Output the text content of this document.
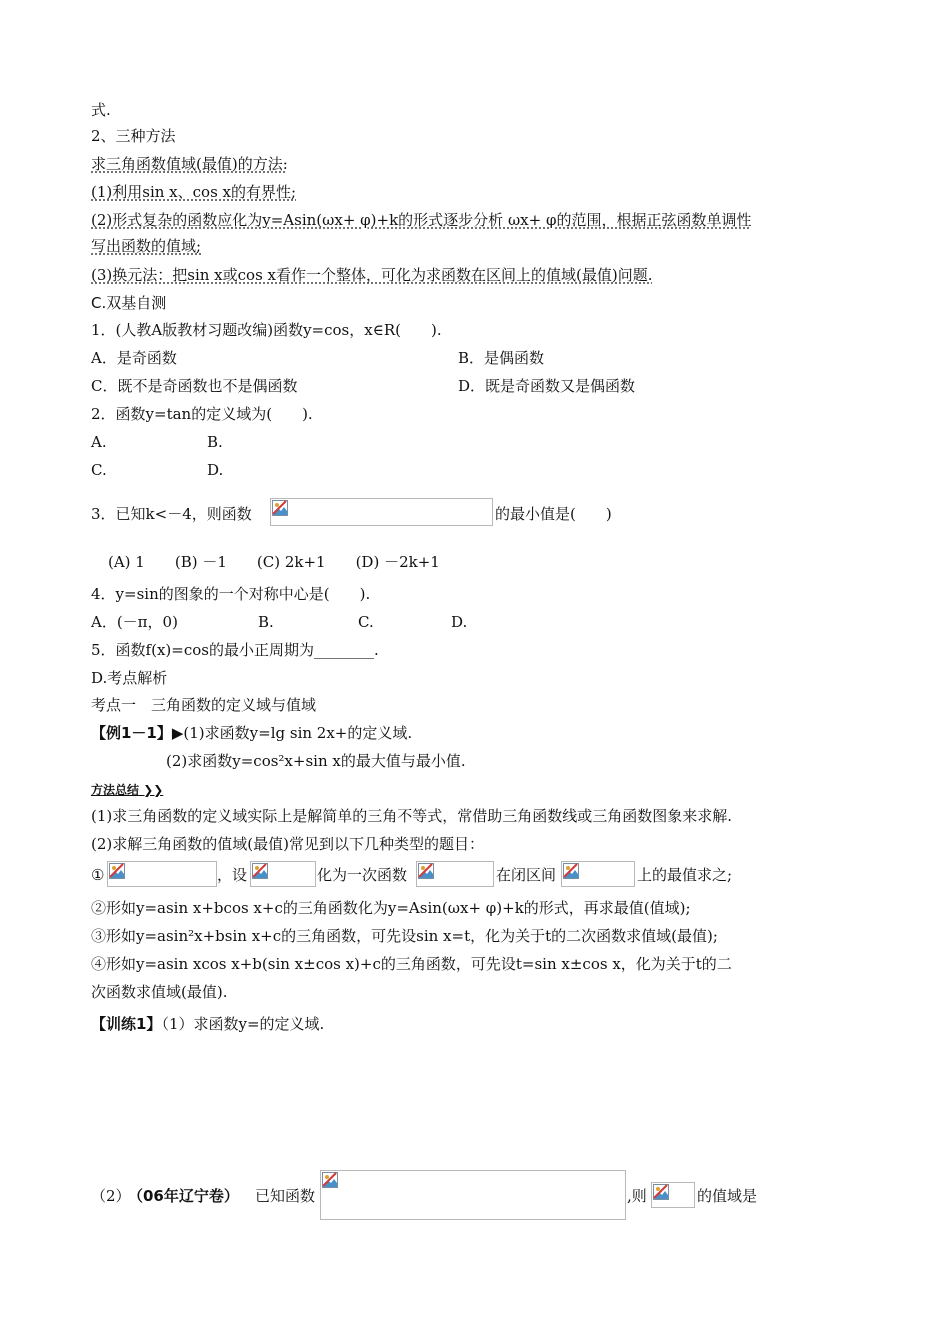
式.
2、三种方法
求三角函数值域(最值)的方法:
(1)利用sin x、cos x的有界性;
(2)形式复杂的函数应化为y=Asin(ωx+ φ)+k的形式逐步分析 ωx+ φ的范围，根据正弦函数单调性
写出函数的值域;
(3)换元法：把sin x或cos x看作一个整体，可化为求函数在区间上的值域(最值)问题.
C.双基自测
1．(人教A版教材习题改编)函数y=cos，x∈R(　　).
A．是奇函数	B．是偶函数
C．既不是奇函数也不是偶函数	D．既是奇函数又是偶函数
2．函数y=tan的定义域为(　　).
A.	B.
C.	D.
3．已知k<－4，则函数	的最小值是(　　)
(A) 1　　(B) －1　　(C) 2k+1　　(D) －2k+1
4．y=sin的图象的一个对称中心是(　　).
A．(－π，0)	B.	C.	D.
5．函数f(x)=cos的最小正周期为________.
D.考点解析
考点一　三角函数的定义域与值域
【例1－1】▶(1)求函数y=lg sin 2x+的定义域.
(2)求函数y=cos²x+sin x的最大值与最小值.
方法总结 ❯❯
(1)求三角函数的定义域实际上是解简单的三角不等式，常借助三角函数线或三角函数图象来求解.
(2)求解三角函数的值域(最值)常见到以下几种类型的题目：
①	，设	化为一次函数	在闭区间	上的最值求之;
②形如y=asin x+bcos x+c的三角函数化为y=Asin(ωx+ φ)+k的形式，再求最值(值域);
③形如y=asin²x+bsin x+c的三角函数，可先设sin x=t，化为关于t的二次函数求值域(最值);
④形如y=asin xcos x+b(sin x±cos x)+c的三角函数，可先设t=sin x±cos x，化为关于t的二
次函数求值域(最值).
【训练1】（1）求函数y=的定义域.
（2）
（06年辽宁卷） 已知函数	,则	的值域是
